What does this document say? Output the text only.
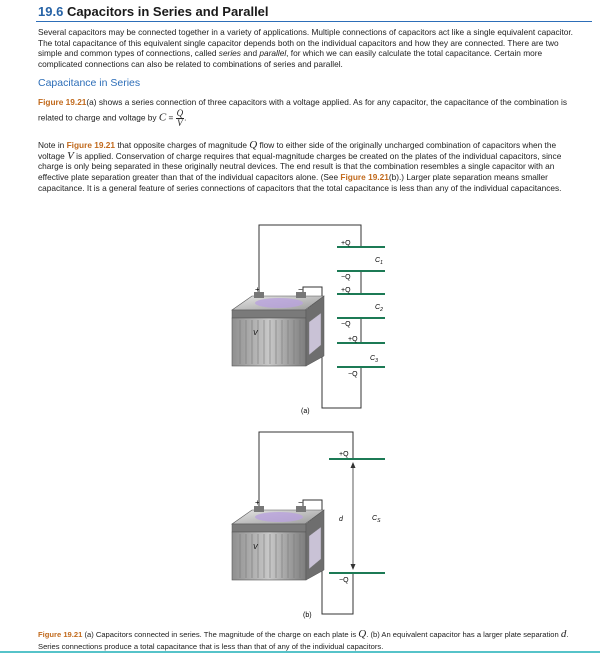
19.6 Capacitors in Series and Parallel

Several capacitors may be connected together in a variety of applications. Multiple connections of capacitors act like a single equivalent capacitor. The total capacitance of this equivalent single capacitor depends both on the individual capacitors and how they are connected. There are two simple and common types of connections, called series and parallel, for which we can easily calculate the total capacitance. Certain more complicated connections can also be related to combinations of series and parallel.

Capacitance in Series

Figure 19.21(a) shows a series connection of three capacitors with a voltage applied. As for any capacitor, the capacitance of the combination is related to charge and voltage by $C = \frac{Q}{V}$ .

Note in Figure 19.21 that opposite charges of magnitude Q flow to either side of the originally uncharged combination of capacitors when the voltage V is applied. Conservation of charge requires that equal-magnitude charges be created on the plates of the individual capacitors, since charge is only being separated in these originally neutral devices. The end result is that the combination resembles a single capacitor with an effective plate separation greater than that of the individual capacitors alone. (See Figure 19.21(b).) Larger plate separation means smaller capacitance. It is a general feature of series connections of capacitors that the total capacitance is less than any of the individual capacitances.

+	−
V
+Q
−Q
$C_1$
+Q
−Q
$C_2$
+Q
−Q
$C_3$
(a)
+	−
V
+Q
−Q
d	$C_S$
(b)

Figure 19.21 (a) Capacitors connected in series. The magnitude of the charge on each plate is Q. (b) An equivalent capacitor has a larger plate separation d. Series connections produce a total capacitance that is less than that of any of the individual capacitors.
